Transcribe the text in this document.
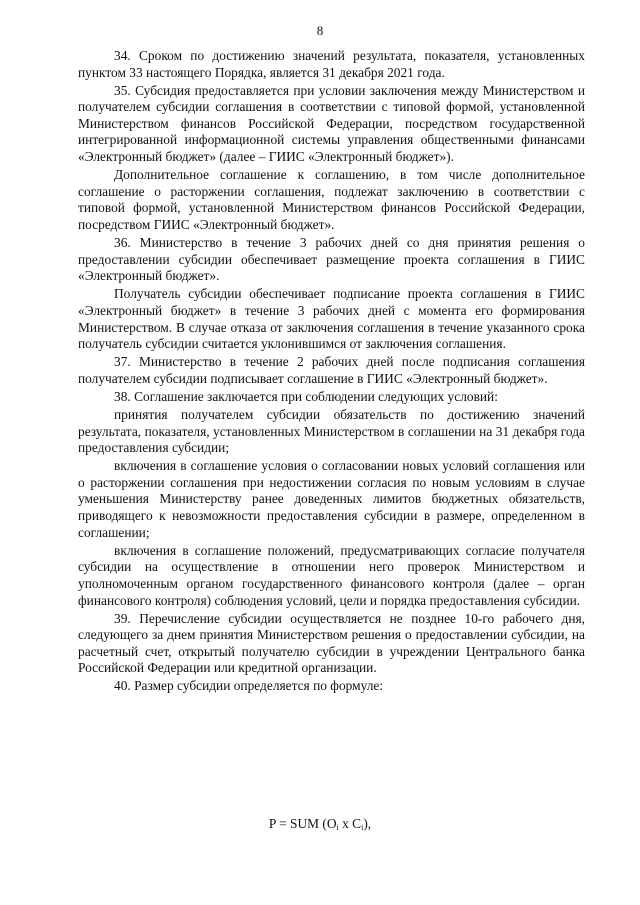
8

34. Сроком по достижению значений результата, показателя, установленных пунктом 33 настоящего Порядка, является 31 декабря 2021 года.

35. Субсидия предоставляется при условии заключения между Министерством и получателем субсидии соглашения в соответствии с типовой формой, установленной Министерством финансов Российской Федерации, посредством государственной интегрированной информационной системы управления общественными финансами «Электронный бюджет» (далее – ГИИС «Электронный бюджет»).

Дополнительное соглашение к соглашению, в том числе дополнительное соглашение о расторжении соглашения, подлежат заключению в соответствии с типовой формой, установленной Министерством финансов Российской Федерации, посредством ГИИС «Электронный бюджет».

36. Министерство в течение 3 рабочих дней со дня принятия решения о предоставлении субсидии обеспечивает размещение проекта соглашения в ГИИС «Электронный бюджет».

Получатель субсидии обеспечивает подписание проекта соглашения в ГИИС «Электронный бюджет» в течение 3 рабочих дней с момента его формирования Министерством. В случае отказа от заключения соглашения в течение указанного срока получатель субсидии считается уклонившимся от заключения соглашения.

37. Министерство в течение 2 рабочих дней после подписания соглашения получателем субсидии подписывает соглашение в ГИИС «Электронный бюджет».

38. Соглашение заключается при соблюдении следующих условий:

принятия получателем субсидии обязательств по достижению значений результата, показателя, установленных Министерством в соглашении на 31 декабря года предоставления субсидии;

включения в соглашение условия о согласовании новых условий соглашения или о расторжении соглашения при недостижении согласия по новым условиям в случае уменьшения Министерству ранее доведенных лимитов бюджетных обязательств, приводящего к невозможности предоставления субсидии в размере, определенном в соглашении;

включения в соглашение положений, предусматривающих согласие получателя субсидии на осуществление в отношении него проверок Министерством и уполномоченным органом государственного финансового контроля (далее – орган финансового контроля) соблюдения условий, цели и порядка предоставления субсидии.

39. Перечисление субсидии осуществляется не позднее 10-го рабочего дня, следующего за днем принятия Министерством решения о предоставлении субсидии, на расчетный счет, открытый получателю субсидии в учреждении Центрального банка Российской Федерации или кредитной организации.

40. Размер субсидии определяется по формуле:

P = SUM ($O_i$ x $C_i$),
